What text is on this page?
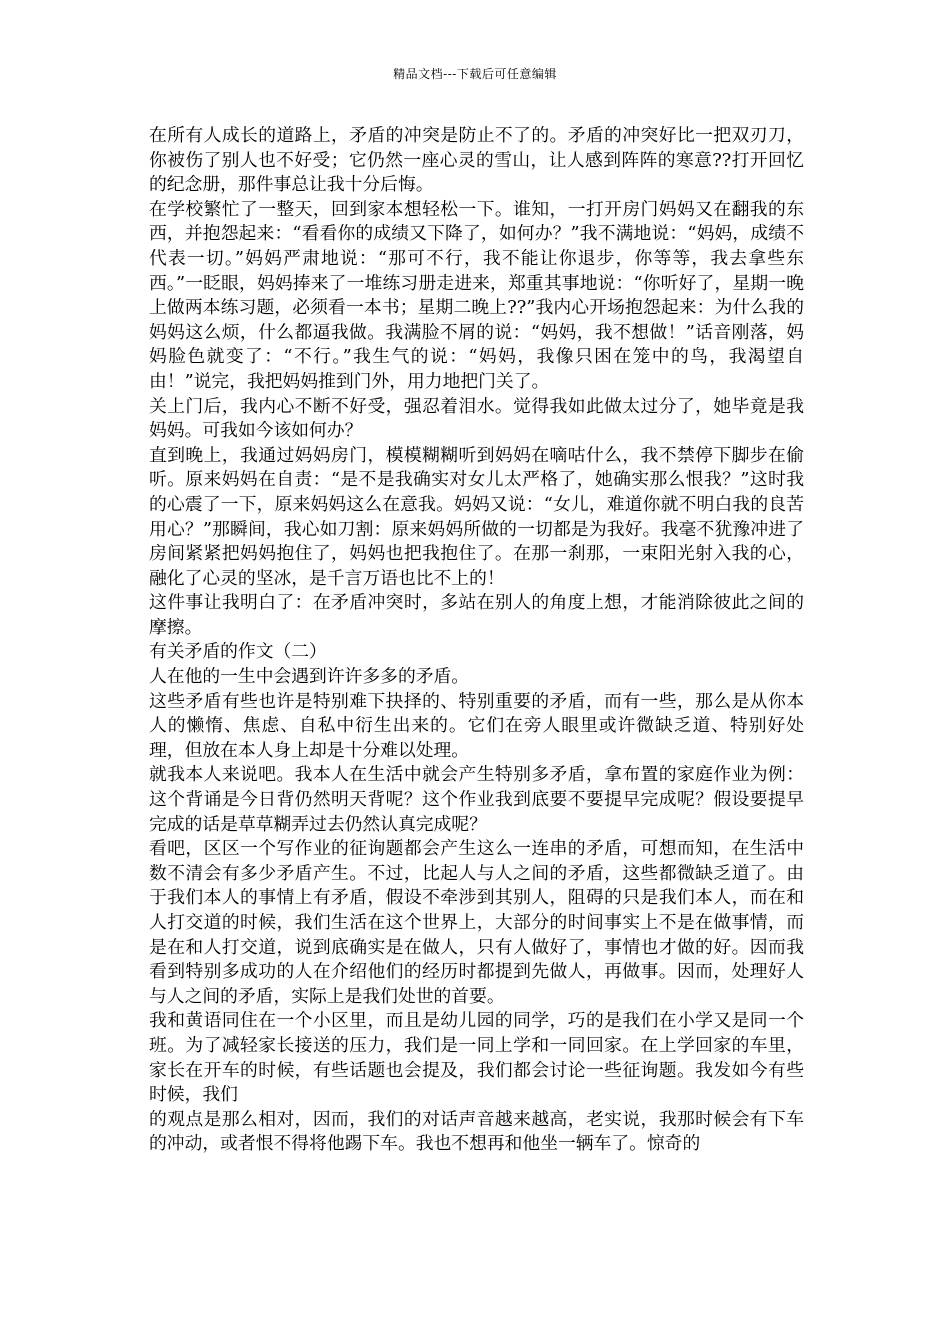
精品文档---下载后可任意编辑

在所有人成长的道路上，矛盾的冲突是防止不了的。矛盾的冲突好比一把双刃刀，你被伤了别人也不好受；它仍然一座心灵的雪山，让人感到阵阵的寒意??打开回忆的纪念册，那件事总让我十分后悔。

在学校繁忙了一整天，回到家本想轻松一下。谁知，一打开房门妈妈又在翻我的东西，并抱怨起来：“看看你的成绩又下降了，如何办？”我不满地说：“妈妈，成绩不代表一切。”妈妈严肃地说：“那可不行，我不能让你退步，你等等，我去拿些东西。”一眨眼，妈妈捧来了一堆练习册走进来，郑重其事地说：“你听好了，星期一晚上做两本练习题，必须看一本书；星期二晚上??”我内心开场抱怨起来：为什么我的妈妈这么烦，什么都逼我做。我满脸不屑的说：“妈妈，我不想做！”话音刚落，妈妈脸色就变了：“不行。”我生气的说：“妈妈，我像只困在笼中的鸟，我渴望自由！”说完，我把妈妈推到门外，用力地把门关了。

关上门后，我内心不断不好受，强忍着泪水。觉得我如此做太过分了，她毕竟是我妈妈。可我如今该如何办？

直到晚上，我通过妈妈房门，模模糊糊听到妈妈在嘀咕什么，我不禁停下脚步在偷听。原来妈妈在自责：“是不是我确实对女儿太严格了，她确实那么恨我？”这时我的心震了一下，原来妈妈这么在意我。妈妈又说：“女儿，难道你就不明白我的良苦用心？”那瞬间，我心如刀割：原来妈妈所做的一切都是为我好。我毫不犹豫冲进了房间紧紧把妈妈抱住了，妈妈也把我抱住了。在那一刹那，一束阳光射入我的心，融化了心灵的坚冰，是千言万语也比不上的！

这件事让我明白了：在矛盾冲突时，多站在别人的角度上想，才能消除彼此之间的摩擦。

有关矛盾的作文（二）

人在他的一生中会遇到许许多多的矛盾。

这些矛盾有些也许是特别难下抉择的、特别重要的矛盾，而有一些，那么是从你本人的懒惰、焦虑、自私中衍生出来的。它们在旁人眼里或许微缺乏道、特别好处理，但放在本人身上却是十分难以处理。

就我本人来说吧。我本人在生活中就会产生特别多矛盾，拿布置的家庭作业为例：这个背诵是今日背仍然明天背呢？这个作业我到底要不要提早完成呢？假设要提早完成的话是草草糊弄过去仍然认真完成呢？

看吧，区区一个写作业的征询题都会产生这么一连串的矛盾，可想而知，在生活中数不清会有多少矛盾产生。不过，比起人与人之间的矛盾，这些都微缺乏道了。由于我们本人的事情上有矛盾，假设不牵涉到其别人，阻碍的只是我们本人，而在和人打交道的时候，我们生活在这个世界上，大部分的时间事实上不是在做事情，而是在和人打交道，说到底确实是在做人，只有人做好了，事情也才做的好。因而我看到特别多成功的人在介绍他们的经历时都提到先做人，再做事。因而，处理好人与人之间的矛盾，实际上是我们处世的首要。

我和黄语同住在一个小区里，而且是幼儿园的同学，巧的是我们在小学又是同一个班。为了减轻家长接送的压力，我们是一同上学和一同回家。在上学回家的车里，家长在开车的时候，有些话题也会提及，我们都会讨论一些征询题。我发如今有些时候，我们

的观点是那么相对，因而，我们的对话声音越来越高，老实说，我那时候会有下车的冲动，或者恨不得将他踢下车。我也不想再和他坐一辆车了。惊奇的
